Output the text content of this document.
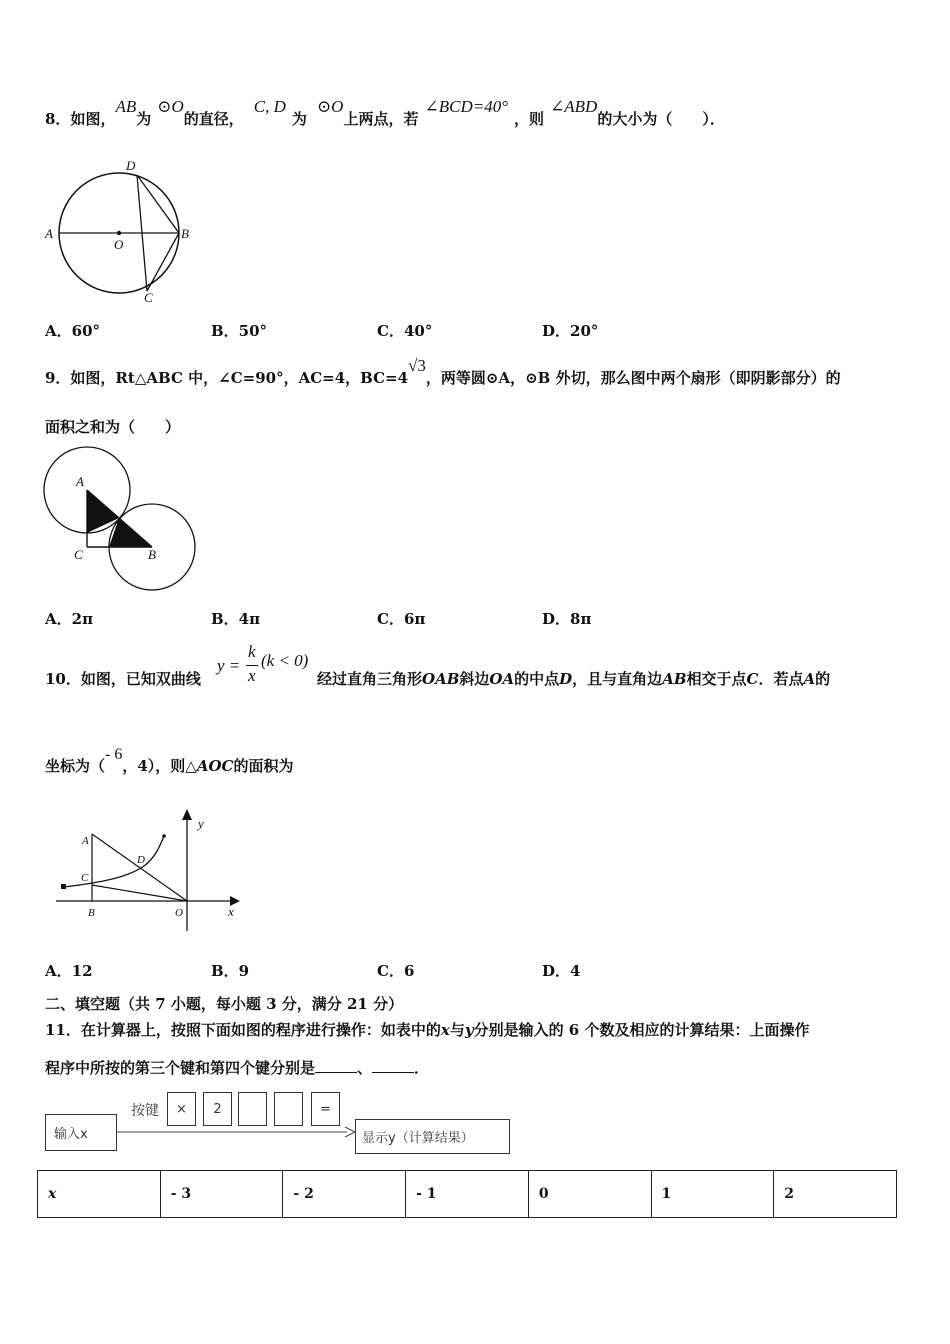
8．如图，AB为⊙O的直径，C, D为⊙O上两点，若∠BCD=40°，则∠ABD的大小为（　　）．
A
O
B
D
C
A．60°	B．50°	C．40°	D．20°
9．如图，Rt△ABC 中，∠C=90°，AC=4，BC=4√3，两等圆⊙A，⊙B 外切，那么图中两个扇形（即阴影部分）的
面积之和为（　　）
A
C	B
A．2π	B．4π	C．6π	D．8π
10．如图，已知双曲线
y =
k
x
(k < 0)
经过直角三角形OAB斜边OA的中点D，且与直角边AB相交于点C．若点A的
坐标为（- 6，4），则△AOC的面积为
y
x
A
D
C
B	O
A．12	B．9	C．6	D．4
二、填空题（共 7 小题，每小题 3 分，满分 21 分）
11．在计算器上，按照下面如图的程序进行操作：如表中的x与y分别是输入的 6 个数及相应的计算结果：上面操作
程序中所按的第三个键和第四个键分别是	、	．
输入x
按键	×	2	=
显示y（计算结果）
x	- 3	- 2	- 1	0	1	2
